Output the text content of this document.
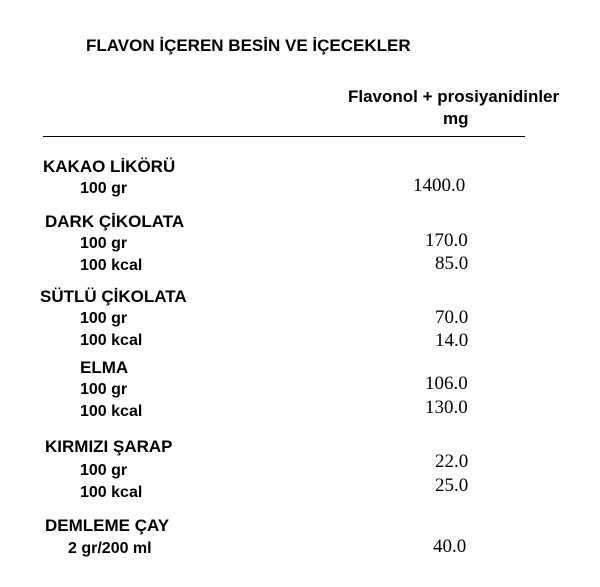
FLAVON İÇEREN BESİN VE İÇECEKLER
Flavonol + prosiyanidinler
mg
KAKAO LİKÖRÜ
100 gr	1400.0
DARK ÇİKOLATA
100 gr	170.0
100 kcal	85.0
SÜTLÜ ÇİKOLATA
100 gr	70.0
100 kcal	14.0
ELMA
100 gr	106.0
100 kcal	130.0
KIRMIZI ŞARAP
100 gr	22.0
100 kcal	25.0
DEMLEME ÇAY
2 gr/200 ml	40.0
